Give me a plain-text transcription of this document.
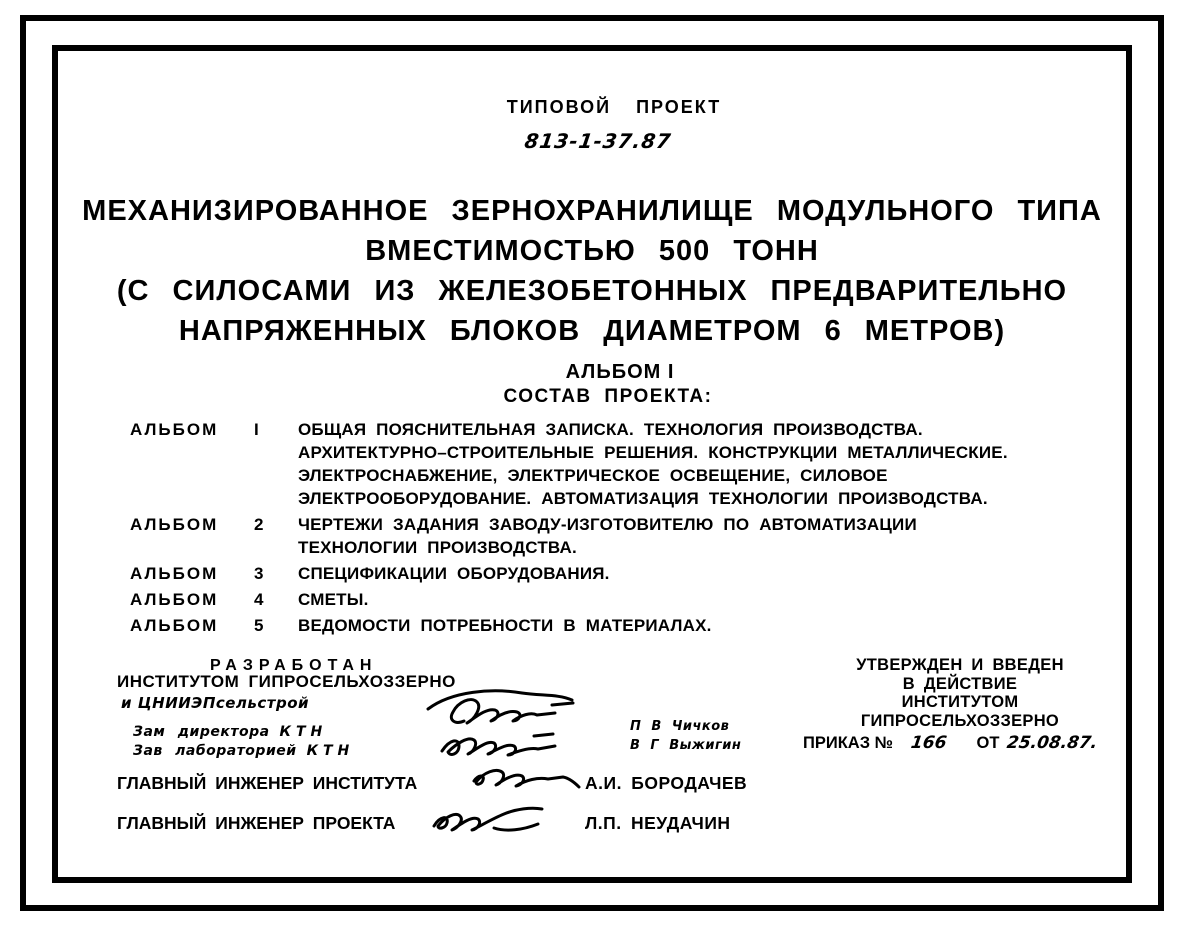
ТИПОВОЙ ПРОЕКТ
813-1-37.87
МЕХАНИЗИРОВАННОЕ ЗЕРНОХРАНИЛИЩЕ МОДУЛЬНОГО ТИПА
ВМЕСТИМОСТЬЮ 500 ТОНН
(С СИЛОСАМИ ИЗ ЖЕЛЕЗОБЕТОННЫХ ПРЕДВАРИТЕЛЬНО
НАПРЯЖЕННЫХ БЛОКОВ ДИАМЕТРОМ 6 МЕТРОВ)
АЛЬБОМ I
СОСТАВ ПРОЕКТА:
АЛЬБОМ	I	ОБЩАЯ ПОЯСНИТЕЛЬНАЯ ЗАПИСКА. ТЕХНОЛОГИЯ ПРОИЗВОДСТВА.
АРХИТЕКТУРНО–СТРОИТЕЛЬНЫЕ РЕШЕНИЯ. КОНСТРУКЦИИ МЕТАЛЛИЧЕСКИЕ.
ЭЛЕКТРОСНАБЖЕНИЕ, ЭЛЕКТРИЧЕСКОЕ ОСВЕЩЕНИЕ, СИЛОВОЕ
ЭЛЕКТРООБОРУДОВАНИЕ. АВТОМАТИЗАЦИЯ ТЕХНОЛОГИИ ПРОИЗВОДСТВА.
АЛЬБОМ	2	ЧЕРТЕЖИ ЗАДАНИЯ ЗАВОДУ-ИЗГОТОВИТЕЛЮ ПО АВТОМАТИЗАЦИИ
ТЕХНОЛОГИИ ПРОИЗВОДСТВА.
АЛЬБОМ	3	СПЕЦИФИКАЦИИ ОБОРУДОВАНИЯ.
АЛЬБОМ	4	СМЕТЫ.
АЛЬБОМ	5	ВЕДОМОСТИ ПОТРЕБНОСТИ В МАТЕРИАЛАХ.
РАЗРАБОТАН
ИНСТИТУТОМ ГИПРОСЕЛЬХОЗЗЕРНО
и ЦНИИЭПсельстрой
Зам директора КТН
Зав лабораторией КТН
П В Чичков
В Г Выжигин
ГЛАВНЫЙ ИНЖЕНЕР ИНСТИТУТА	А.И. БОРОДАЧЕВ
ГЛАВНЫЙ ИНЖЕНЕР ПРОЕКТА	Л.П. НЕУДАЧИН
УТВЕРЖДЕН И ВВЕДЕН
В ДЕЙСТВИЕ
ИНСТИТУТОМ
ГИПРОСЕЛЬХОЗЗЕРНО
ПРИКАЗ № 166 ОТ 25.08.87.
